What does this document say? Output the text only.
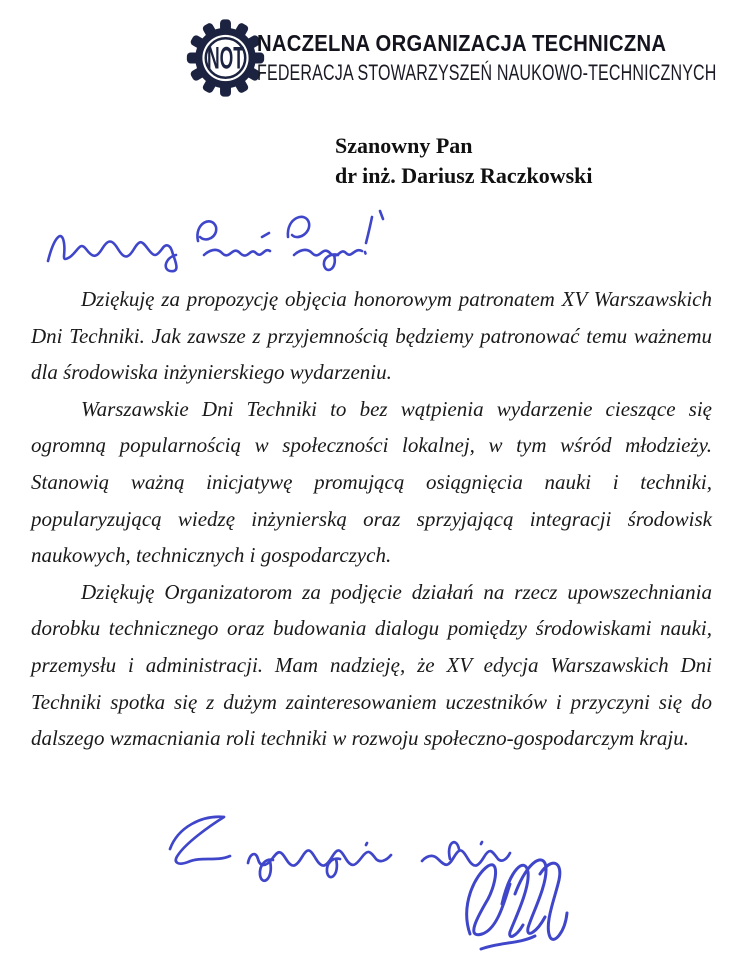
NOT NACZELNA ORGANIZACJA TECHNICZNA
FEDERACJA STOWARZYSZEŃ NAUKOWO-TECHNICZNYCH
Szanowny Pan
dr inż. Dariusz Raczkowski

Dziękuję za propozycję objęcia honorowym patronatem XV Warszawskich Dni Techniki. Jak zawsze z przyjemnością będziemy patronować temu ważnemu dla środowiska inżynierskiego wydarzeniu.

Warszawskie Dni Techniki to bez wątpienia wydarzenie cieszące się ogromną popularnością w społeczności lokalnej, w tym wśród młodzieży. Stanowią ważną inicjatywę promującą osiągnięcia nauki i techniki, popularyzującą wiedzę inżynierską oraz sprzyjającą integracji środowisk naukowych, technicznych i gospodarczych.

Dziękuję Organizatorom za podjęcie działań na rzecz upowszechniania dorobku technicznego oraz budowania dialogu pomiędzy środowiskami nauki, przemysłu i administracji. Mam nadzieję, że XV edycja Warszawskich Dni Techniki spotka się z dużym zainteresowaniem uczestników i przyczyni się do dalszego wzmacniania roli techniki w rozwoju społeczno-gospodarczym kraju.
